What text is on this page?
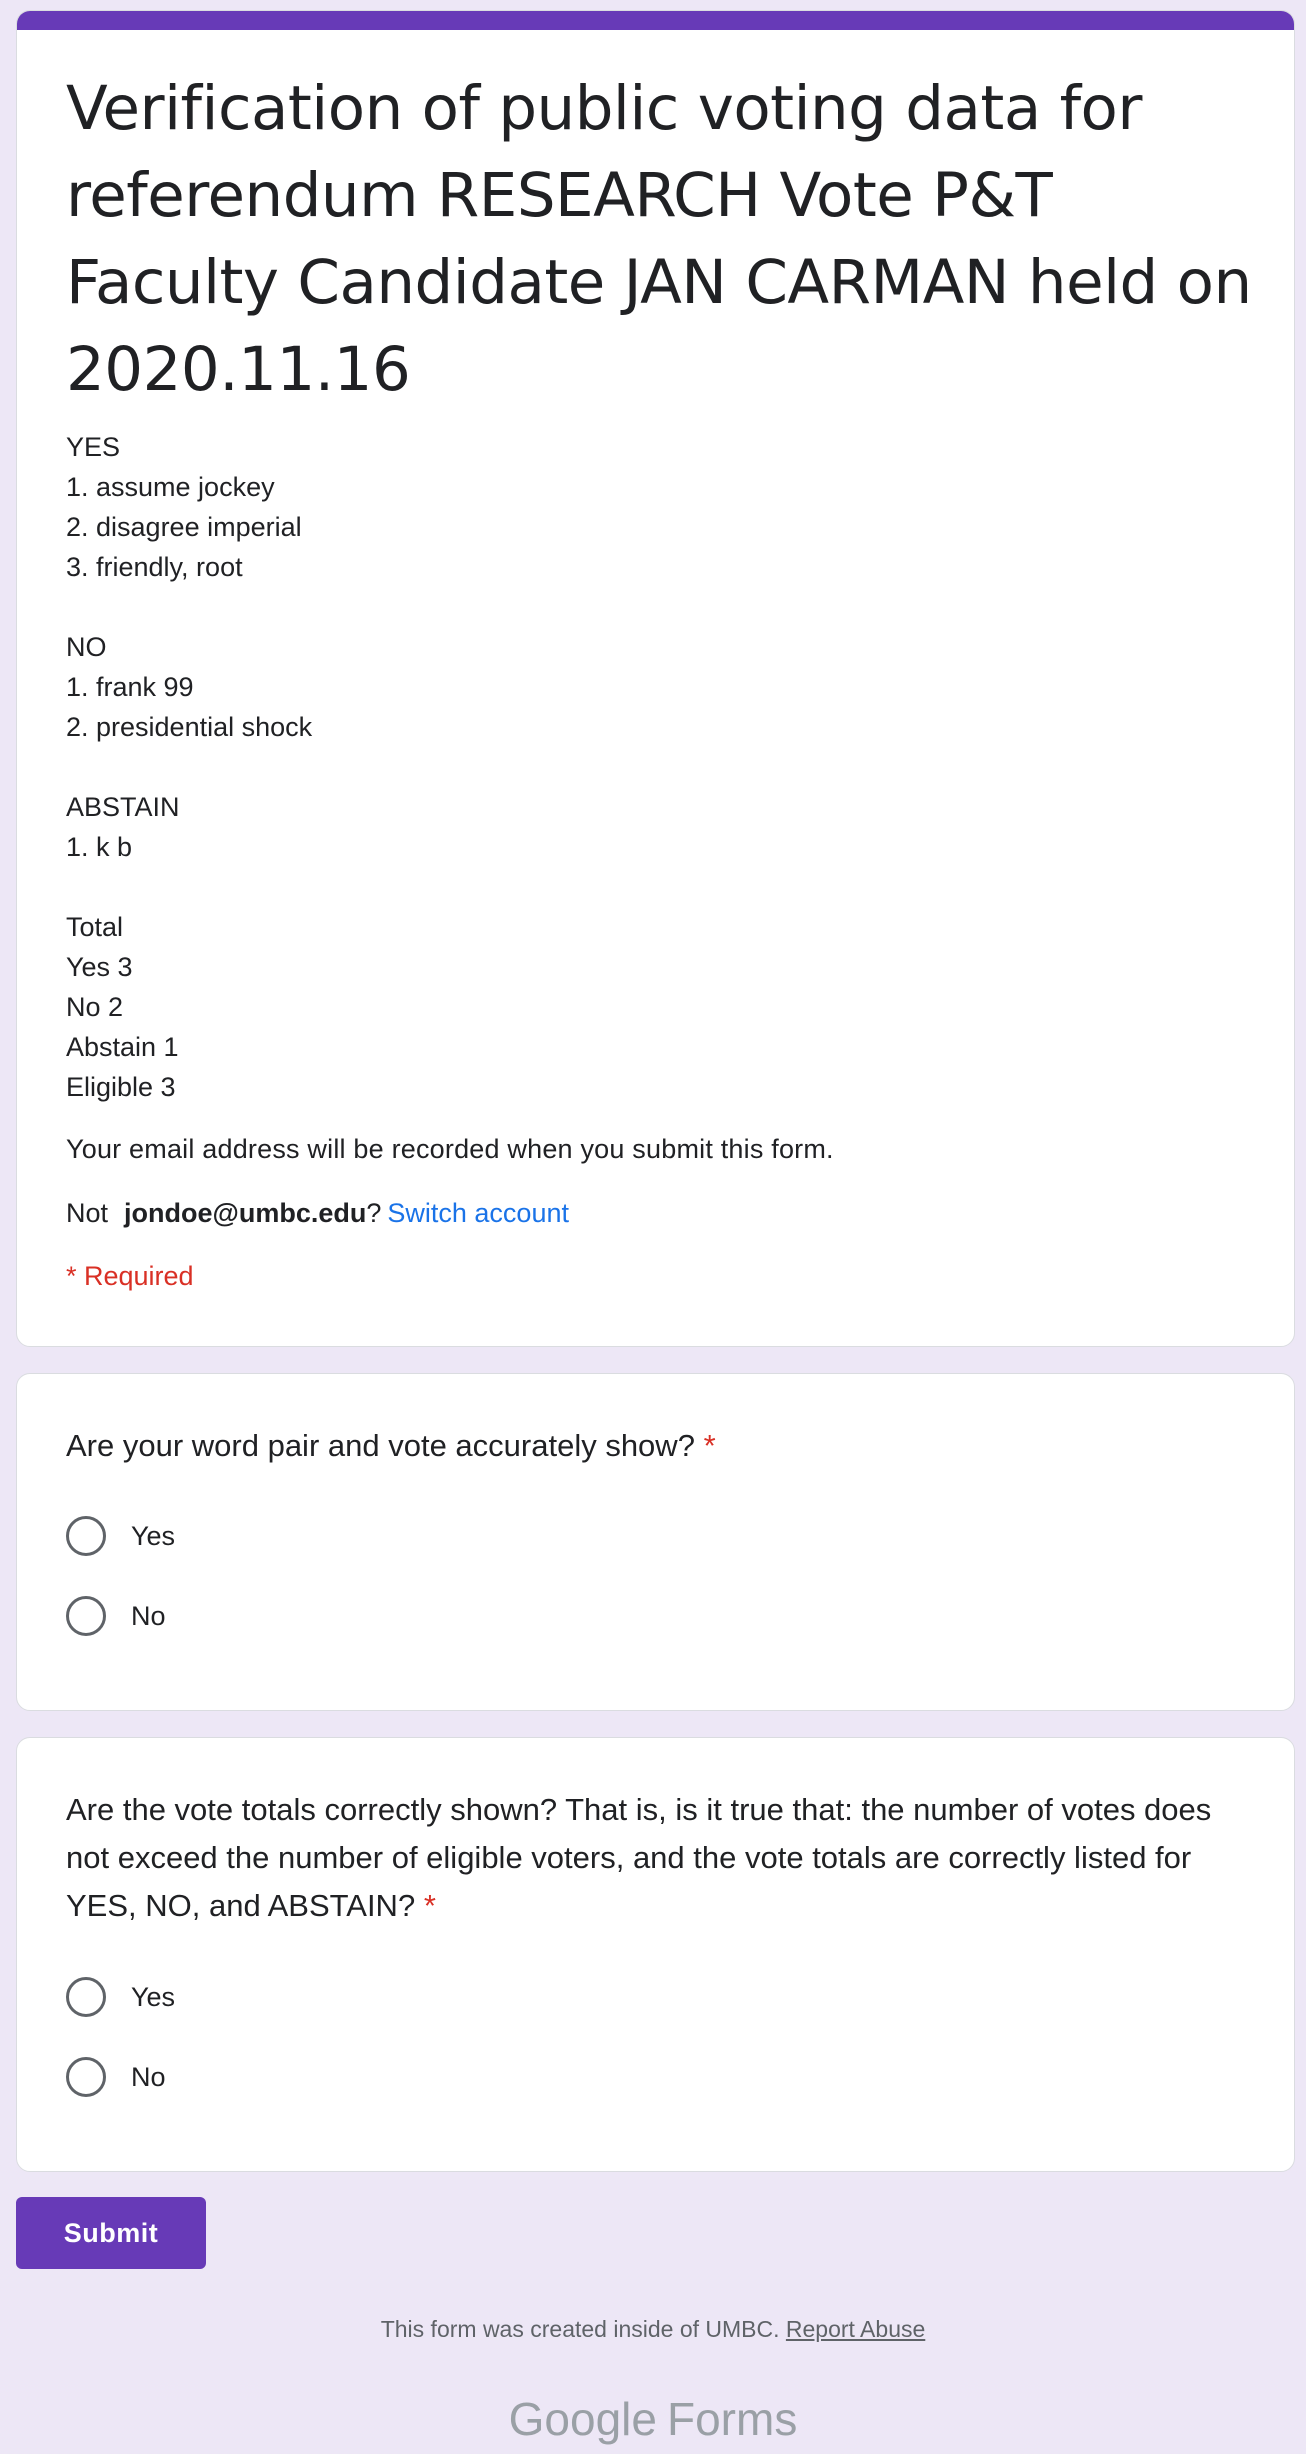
Verification of public voting data for referendum RESEARCH Vote P&T Faculty Candidate JAN CARMAN held on 2020.11.16
YES
1. assume jockey
2. disagree imperial
3. friendly, root

NO
1. frank 99
2. presidential shock

ABSTAIN
1. k b

Total
Yes 3
No 2
Abstain 1
Eligible 3
Your email address will be recorded when you submit this form.
Not jondoe@umbc.edu ? Switch account
* Required
Are your word pair and vote accurately show? *
Yes
No
Are the vote totals correctly shown? That is, is it true that: the number of votes does not exceed the number of eligible voters, and the vote totals are correctly listed for YES, NO, and ABSTAIN? *
Yes
No
Submit
This form was created inside of UMBC. Report Abuse
Google Forms
